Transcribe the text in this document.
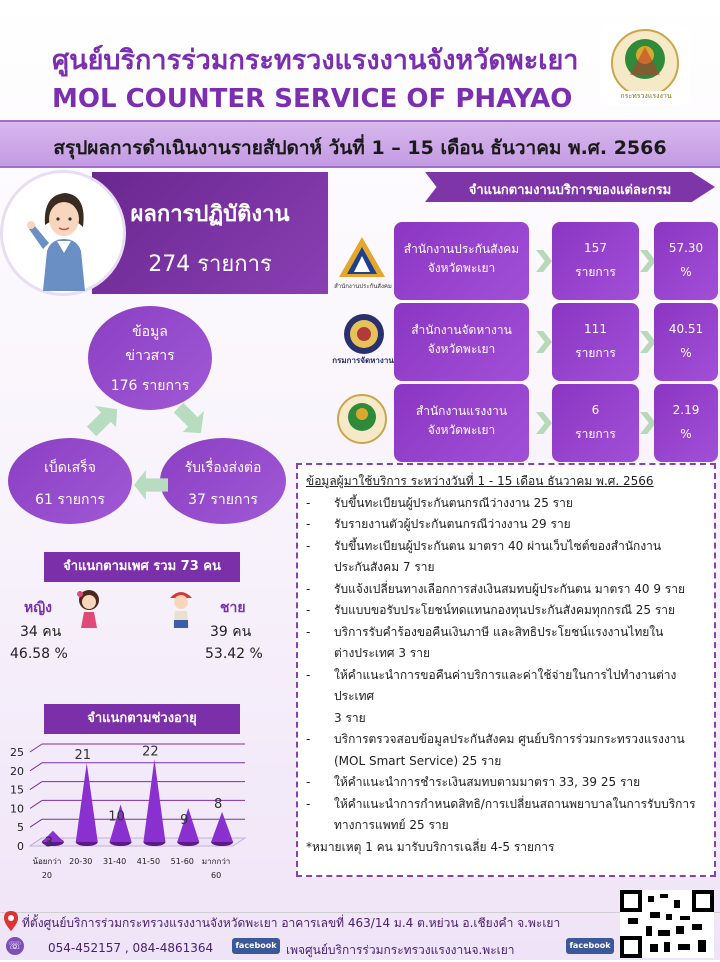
ศูนย์บริการร่วมกระทรวงแรงงานจังหวัดพะเยา
MOL COUNTER SERVICE OF PHAYAO	กระทรวงแรงงาน
สรุปผลการดำเนินงานรายสัปดาห์ วันที่ 1 – 15 เดือน ธันวาคม พ.ศ. 2566
ผลการปฏิบัติงาน
274 รายการ
จำแนกตามงานบริการของแต่ละกรม
สำนักงานประกันสังคม
สำนักงานประกันสังคม
จังหวัดพะเยา
157
รายการ
57.30
%
กรมการจัดหางาน
สำนักงานจัดหางาน
จังหวัดพะเยา
111
รายการ
40.51
%
สำนักงานแรงงาน
จังหวัดพะเยา
6
รายการ
2.19
%
ข้อมูล
ข่าวสาร
176 รายการ
เบ็ดเสร็จ
61 รายการ
รับเรื่องส่งต่อ
37 รายการ
จำแนกตามเพศ รวม 73 คน
หญิง
34 คน
46.58 %
ชาย
39 คน
53.42 %
จำแนกตามช่วงอายุ
25
20
15
10
5
0 3
น้อยกว่า 20
21
20-30
10
31-40
22
41-50
9
51-60
8
มากกว่า 60
ข้อมูลผู้มาใช้บริการ ระหว่างวันที่ 1 - 15 เดือน ธันวาคม พ.ศ. 2566
-	รับขึ้นทะเบียนผู้ประกันตนกรณีว่างงาน 25 ราย
-	รับรายงานตัวผู้ประกันตนกรณีว่างงาน 29 ราย
-	รับขึ้นทะเบียนผู้ประกันตน มาตรา 40 ผ่านเว็บไซต์ของสำนักงาน
ประกันสังคม 7 ราย
-	รับแจ้งเปลี่ยนทางเลือกการส่งเงินสมทบผู้ประกันตน มาตรา 40 9 ราย
-	รับแบบขอรับประโยชน์ทดแทนกองทุนประกันสังคมทุกกรณี 25 ราย
-	บริการรับคำร้องขอคืนเงินภาษี และสิทธิประโยชน์แรงงานไทยใน
ต่างประเทศ 3 ราย
-	ให้คำแนะนำการขอคืนค่าบริการและค่าใช้จ่ายในการไปทำงานต่างประเทศ
3 ราย
-	บริการตรวจสอบข้อมูลประกันสังคม ศูนย์บริการร่วมกระทรวงแรงงาน
(MOL Smart Service) 25 ราย
-	ให้คำแนะนำการชำระเงินสมทบตามมาตรา 33, 39 25 ราย
-	ให้คำแนะนำการกำหนดสิทธิ/การเปลี่ยนสถานพยาบาลในการรับบริการ
ทางการแพทย์ 25 ราย
*หมายเหตุ 1 คน มารับบริการเฉลี่ย 4-5 รายการ
ที่ตั้งศูนย์บริการร่วมกระทรวงแรงงานจังหวัดพะเยา อาคารเลขที่ 463/14 ม.4 ต.หย่วน อ.เชียงคำ จ.พะเยา
☏ 054-452157 , 084-4861364	facebook เพจศูนย์บริการร่วมกระทรวงแรงงานจ.พะเยา	facebook
